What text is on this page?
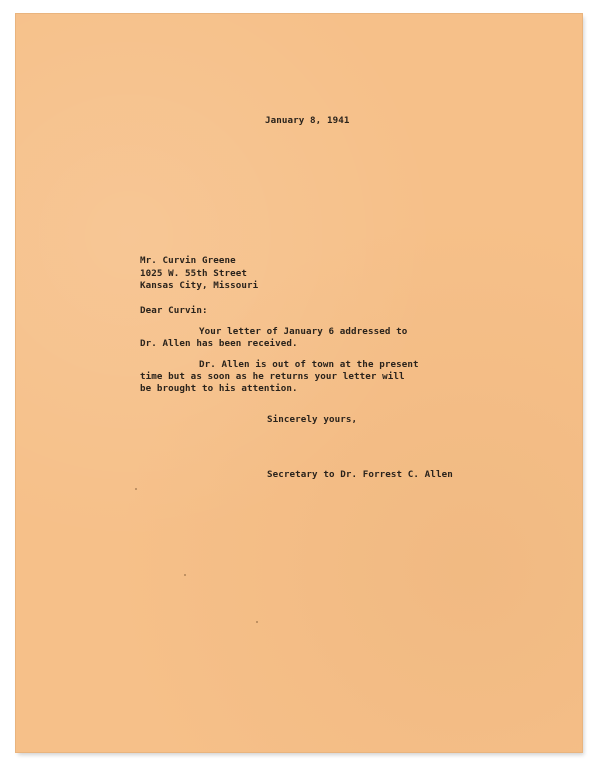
January 8, 1941
Mr. Curvin Greene
1025 W. 55th Street
Kansas City, Missouri
Dear Curvin:
Your letter of January 6 addressed to
Dr. Allen has been received.
Dr. Allen is out of town at the present
time but as soon as he returns your letter will
be brought to his attention.
Sincerely yours,
Secretary to Dr. Forrest C. Allen
